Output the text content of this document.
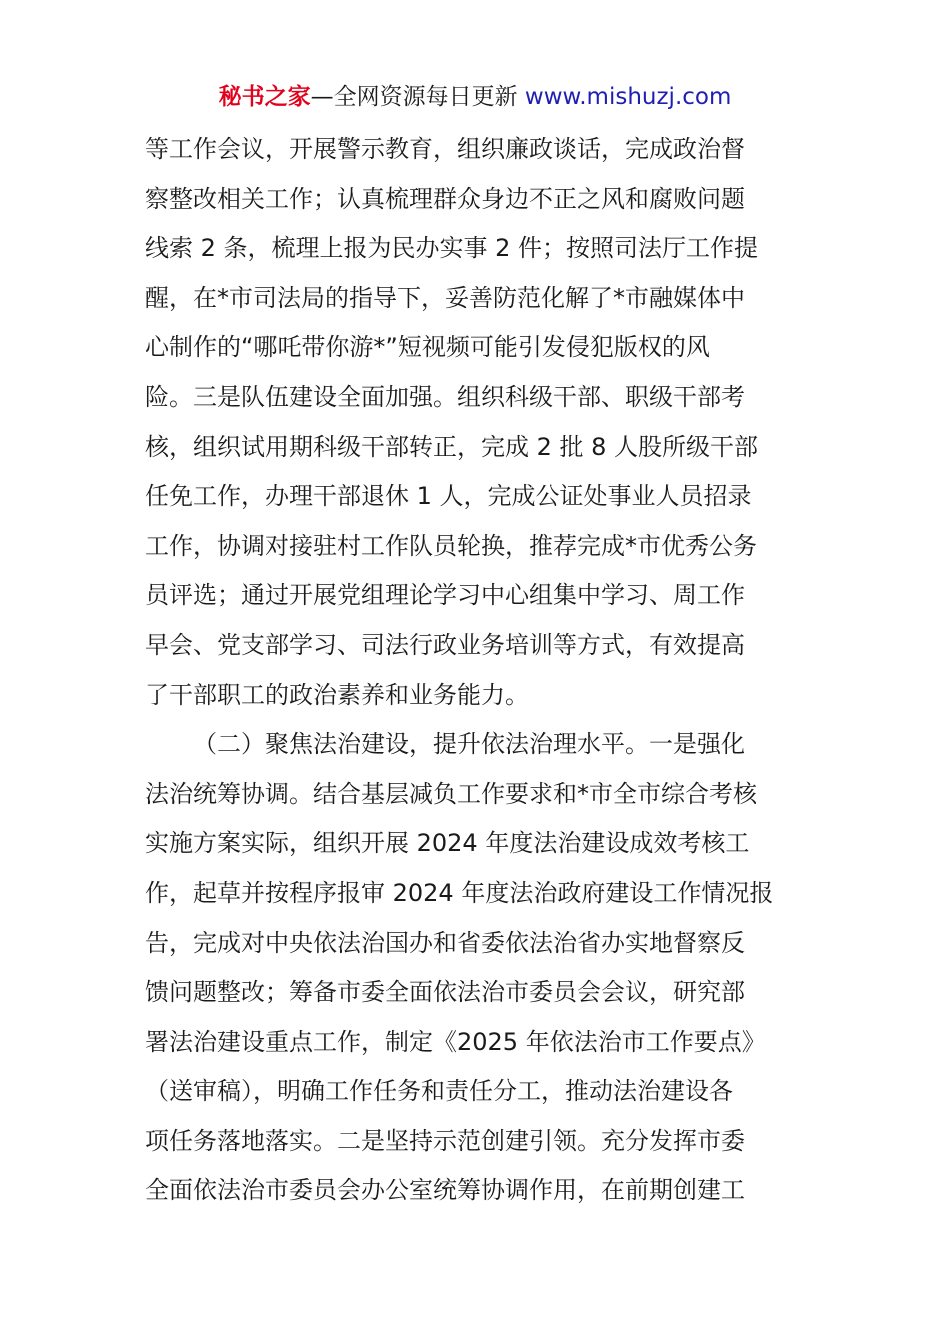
秘书之家—全网资源每日更新 www.mishuzj.com
等工作会议，开展警示教育，组织廉政谈话，完成政治督
察整改相关工作；认真梳理群众身边不正之风和腐败问题
线索 2 条，梳理上报为民办实事 2 件；按照司法厅工作提
醒，在*市司法局的指导下，妥善防范化解了*市融媒体中
心制作的“哪吒带你游*”短视频可能引发侵犯版权的风
险。三是队伍建设全面加强。组织科级干部、职级干部考
核，组织试用期科级干部转正，完成 2 批 8 人股所级干部
任免工作，办理干部退休 1 人，完成公证处事业人员招录
工作，协调对接驻村工作队员轮换，推荐完成*市优秀公务
员评选；通过开展党组理论学习中心组集中学习、周工作
早会、党支部学习、司法行政业务培训等方式，有效提高
了干部职工的政治素养和业务能力。
（二）聚焦法治建设，提升依法治理水平。一是强化
法治统筹协调。结合基层减负工作要求和*市全市综合考核
实施方案实际，组织开展 2024 年度法治建设成效考核工
作，起草并按程序报审 2024 年度法治政府建设工作情况报
告，完成对中央依法治国办和省委依法治省办实地督察反
馈问题整改；筹备市委全面依法治市委员会会议，研究部
署法治建设重点工作，制定《2025 年依法治市工作要点》
（送审稿），明确工作任务和责任分工，推动法治建设各
项任务落地落实。二是坚持示范创建引领。充分发挥市委
全面依法治市委员会办公室统筹协调作用，在前期创建工
